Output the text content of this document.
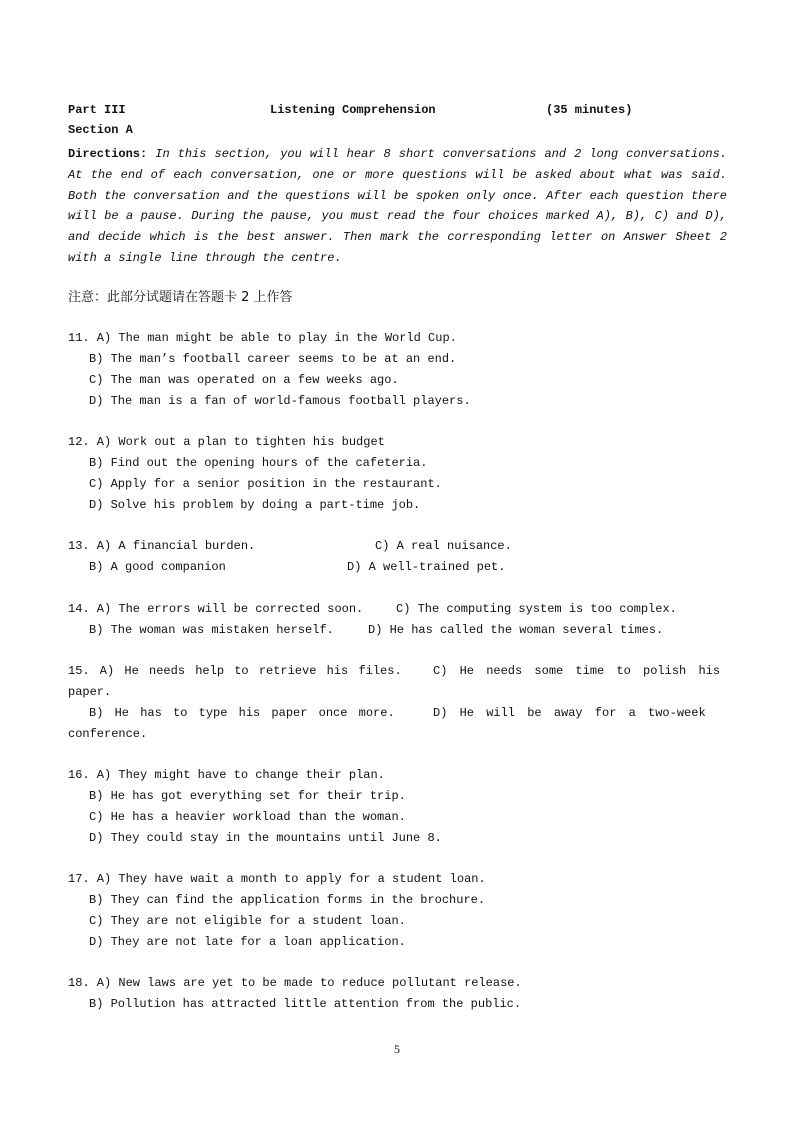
Part III	Listening Comprehension	(35 minutes)
Section A
Directions: In this section, you will hear 8 short conversations and 2 long conversations. At the end of each conversation, one or more questions will be asked about what was said. Both the conversation and the questions will be spoken only once. After each question there will be a pause. During the pause, you must read the four choices marked A), B), C) and D), and decide which is the best answer. Then mark the corresponding letter on Answer Sheet 2 with a single line through the centre.
注意：此部分试题请在答题卡 2 上作答
11. A) The man might be able to play in the World Cup.
B) The man’s football career seems to be at an end.
C) The man was operated on a few weeks ago.
D) The man is a fan of world-famous football players.
12. A) Work out a plan to tighten his budget
B) Find out the opening hours of the cafeteria.
C) Apply for a senior position in the restaurant.
D) Solve his problem by doing a part-time job.
13. A) A financial burden.	C) A real nuisance.
B) A good companion	D) A well-trained pet.
14. A) The errors will be corrected soon.	C) The computing system is too complex.
B) The woman was mistaken herself.	D) He has called the woman several times.
15. A) He needs help to retrieve his files.	C) He needs some time to polish his
paper.
B) He has to type his paper once more.	D) He will be away for a two-week
conference.
16. A) They might have to change their plan.
B) He has got everything set for their trip.
C) He has a heavier workload than the woman.
D) They could stay in the mountains until June 8.
17. A) They have wait a month to apply for a student loan.
B) They can find the application forms in the brochure.
C) They are not eligible for a student loan.
D) They are not late for a loan application.
18. A) New laws are yet to be made to reduce pollutant release.
B) Pollution has attracted little attention from the public.
5
